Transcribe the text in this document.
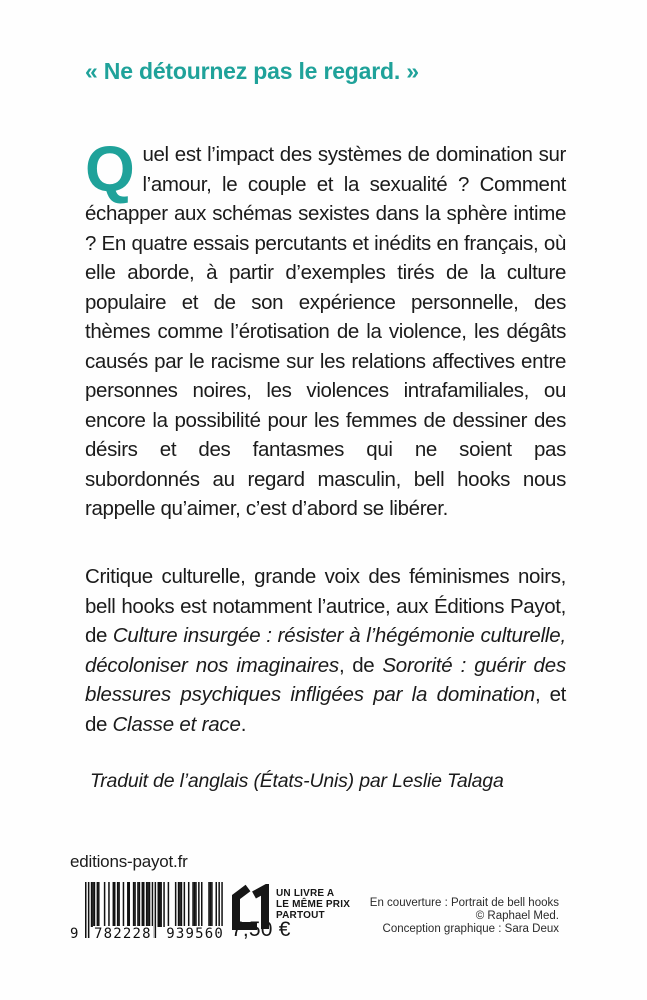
« Ne détournez pas le regard. »
Quel est l’impact des systèmes de domination sur l’amour, le couple et la sexualité ? Comment échapper aux schémas sexistes dans la sphère intime ? En quatre essais percutants et inédits en français, où elle aborde, à partir d’exemples tirés de la culture populaire et de son expérience personnelle, des thèmes comme l’érotisation de la violence, les dégâts causés par le racisme sur les relations affectives entre personnes noires, les violences intrafamiliales, ou encore la possibilité pour les femmes de dessiner des désirs et des fantasmes qui ne soient pas subordonnés au regard masculin, bell hooks nous rappelle qu’aimer, c’est d’abord se libérer.
Critique culturelle, grande voix des féminismes noirs, bell hooks est notamment l’autrice, aux Éditions Payot, de Culture insurgée : résister à l’hégémonie culturelle, décoloniser nos imaginaires, de Sororité : guérir des blessures psychiques infligées par la domination, et de Classe et race.
Traduit de l’anglais (États-Unis) par Leslie Talaga
editions-payot.fr
9 782228 939560
UN LIVRE A
LE MÊME PRIX
PARTOUT
7,50 €
En couverture : Portrait de bell hooks
© Raphael Med.
Conception graphique : Sara Deux
